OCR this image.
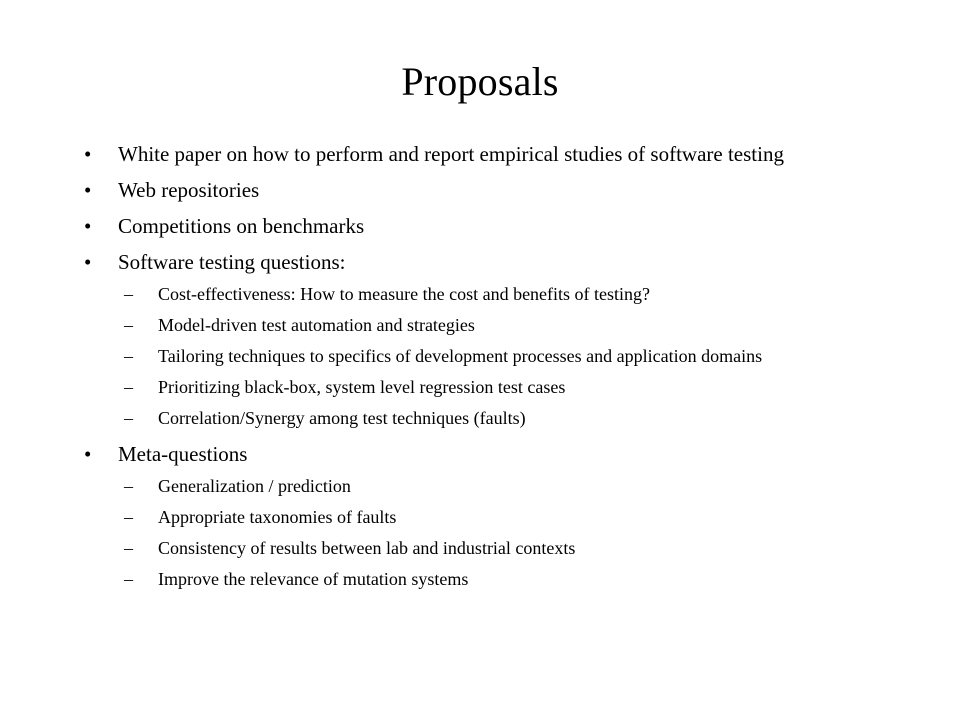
Proposals
•	White paper on how to perform and report empirical studies of software testing
•	Web repositories
•	Competitions on benchmarks
•	Software testing questions:
–	Cost-effectiveness: How to measure the cost and benefits of testing?
–	Model-driven test automation and strategies
–	Tailoring techniques to specifics of development processes and application domains
–	Prioritizing black-box, system level regression test cases
–	Correlation/Synergy among test techniques (faults)
•	Meta-questions
–	Generalization / prediction
–	Appropriate taxonomies of faults
–	Consistency of results between lab and industrial contexts
–	Improve the relevance of mutation systems
